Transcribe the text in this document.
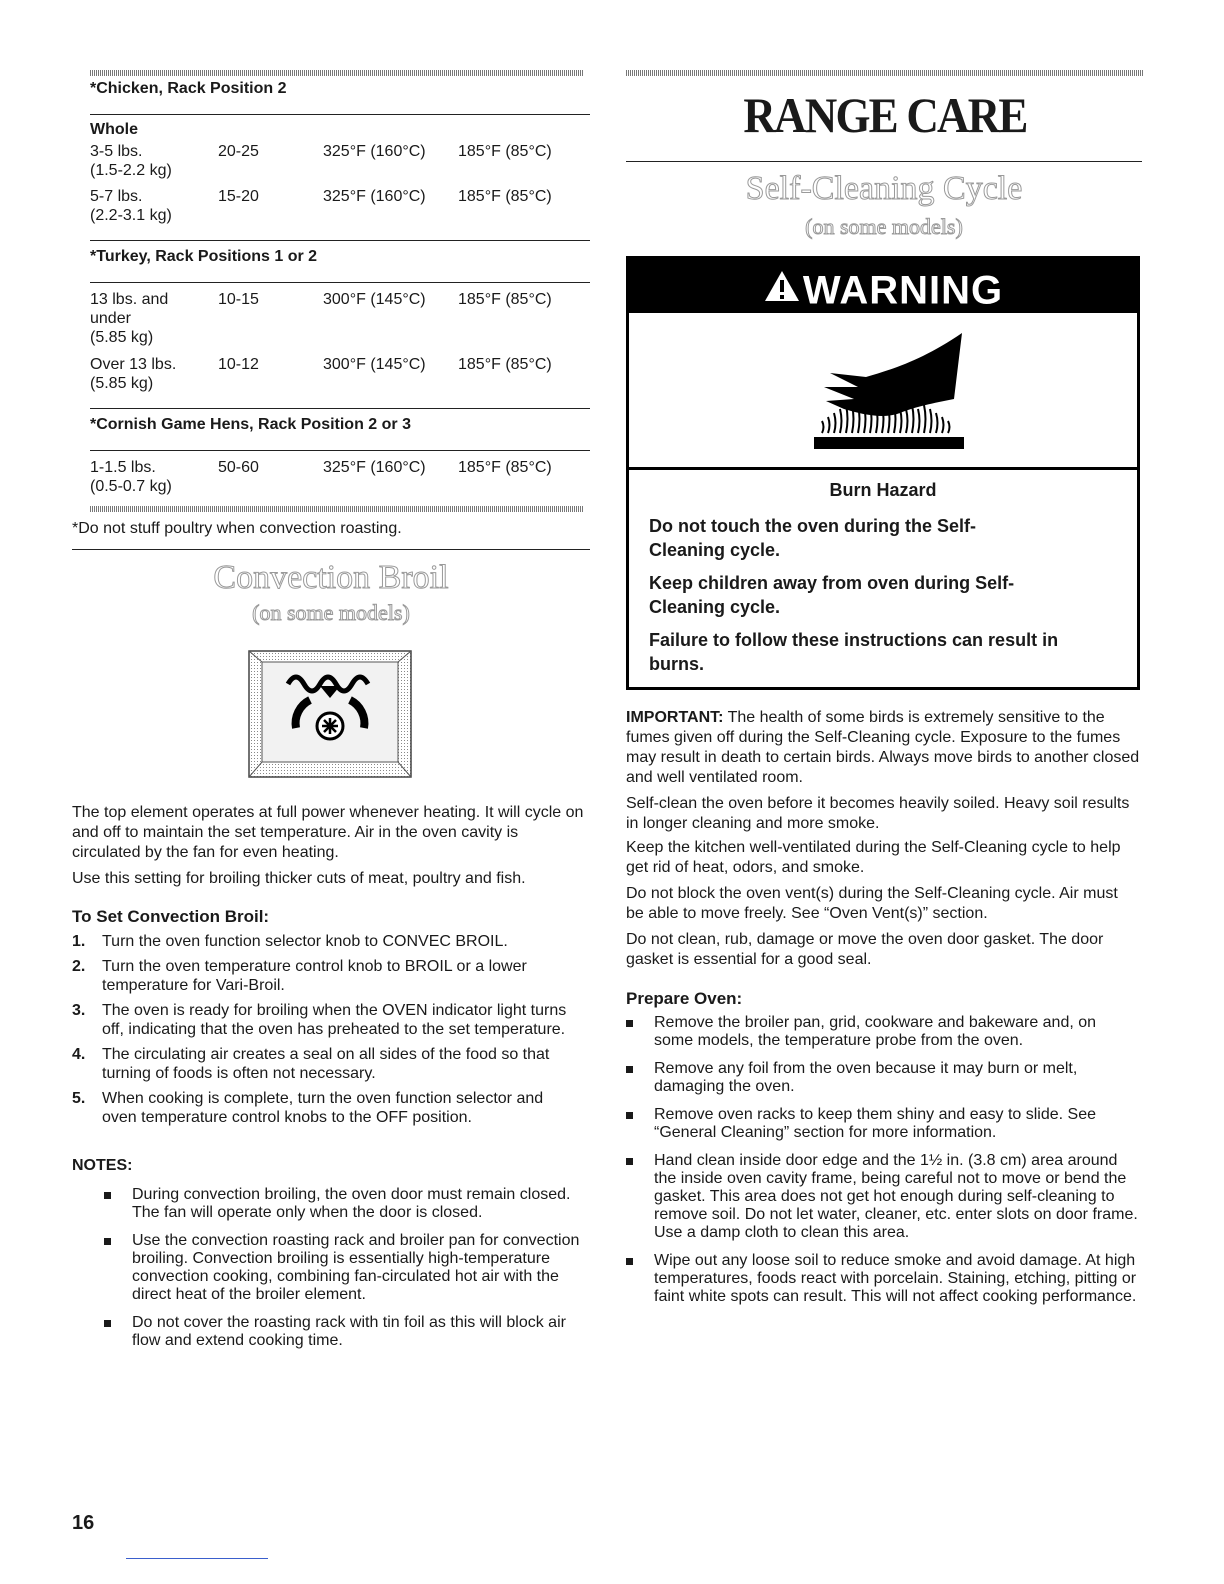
*Chicken, Rack Position 2
Whole
3-5 lbs.
(1.5-2.2 kg)
20-25	325°F (160°C) 185°F (85°C)
5-7 lbs.
(2.2-3.1 kg)
15-20	325°F (160°C) 185°F (85°C)
*Turkey, Rack Positions 1 or 2
13 lbs. and
under
(5.85 kg)
10-15	300°F (145°C) 185°F (85°C)
Over 13 lbs.
(5.85 kg)
10-12	300°F (145°C) 185°F (85°C)
*Cornish Game Hens, Rack Position 2 or 3
1-1.5 lbs.
(0.5-0.7 kg)
50-60	325°F (160°C) 185°F (85°C)
*Do not stuff poultry when convection roasting.
Convection Broil
(on some models)

The top element operates at full power whenever heating. It will cycle on and off to maintain the set temperature. Air in the oven cavity is circulated by the fan for even heating.

Use this setting for broiling thicker cuts of meat, poultry and fish.

To Set Convection Broil:
1. Turn the oven function selector knob to CONVEC BROIL.
2. Turn the oven temperature control knob to BROIL or a lower temperature for Vari-Broil.
3. The oven is ready for broiling when the OVEN indicator light turns off, indicating that the oven has preheated to the set temperature.
4. The circulating air creates a seal on all sides of the food so that turning of foods is often not necessary.
5. When cooking is complete, turn the oven function selector and oven temperature control knobs to the OFF position.
NOTES:
During convection broiling, the oven door must remain closed. The fan will operate only when the door is closed.
Use the convection roasting rack and broiler pan for convection broiling. Convection broiling is essentially high-temperature convection cooking, combining fan-circulated hot air with the direct heat of the broiler element.
Do not cover the roasting rack with tin foil as this will block air flow and extend cooking time.
16
RANGE CARE
Self-Cleaning Cycle
(on some models)
WARNING
Burn Hazard
Do not touch the oven during the Self-Cleaning cycle.
Keep children away from oven during Self-Cleaning cycle.
Failure to follow these instructions can result in burns.

IMPORTANT: The health of some birds is extremely sensitive to the fumes given off during the Self-Cleaning cycle. Exposure to the fumes may result in death to certain birds. Always move birds to another closed and well ventilated room.

Self-clean the oven before it becomes heavily soiled. Heavy soil results in longer cleaning and more smoke.

Keep the kitchen well-ventilated during the Self-Cleaning cycle to help get rid of heat, odors, and smoke.

Do not block the oven vent(s) during the Self-Cleaning cycle. Air must be able to move freely. See “Oven Vent(s)” section.

Do not clean, rub, damage or move the oven door gasket. The door gasket is essential for a good seal.

Prepare Oven:
Remove the broiler pan, grid, cookware and bakeware and, on some models, the temperature probe from the oven.
Remove any foil from the oven because it may burn or melt, damaging the oven.
Remove oven racks to keep them shiny and easy to slide. See “General Cleaning” section for more information.
Hand clean inside door edge and the 1½ in. (3.8 cm) area around the inside oven cavity frame, being careful not to move or bend the gasket. This area does not get hot enough during self-cleaning to remove soil. Do not let water, cleaner, etc. enter slots on door frame. Use a damp cloth to clean this area.
Wipe out any loose soil to reduce smoke and avoid damage. At high temperatures, foods react with porcelain. Staining, etching, pitting or faint white spots can result. This will not affect cooking performance.
